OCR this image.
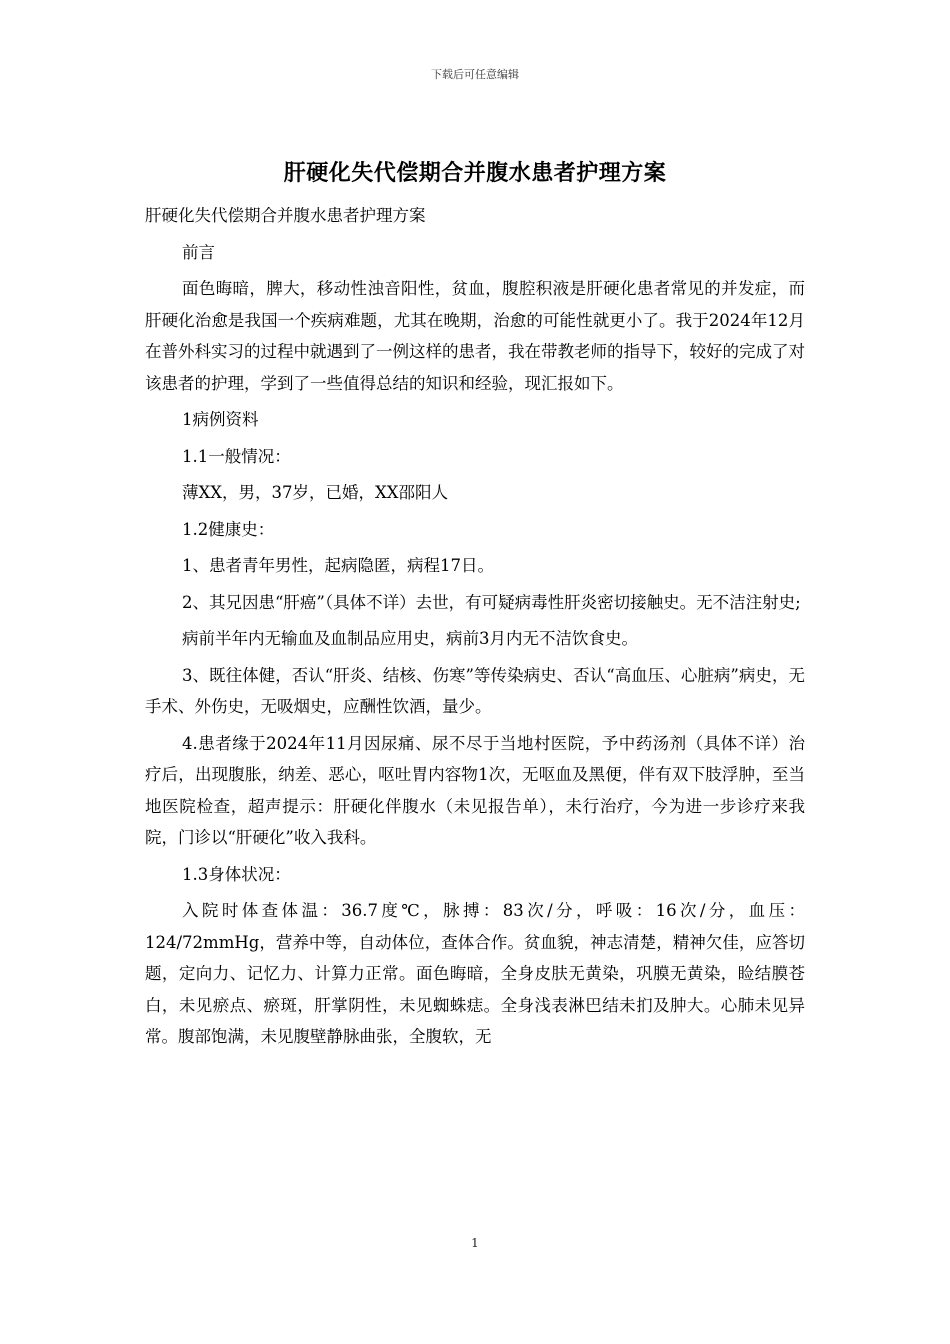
下载后可任意编辑
肝硬化失代偿期合并腹水患者护理方案

肝硬化失代偿期合并腹水患者护理方案

前言

面色晦暗，脾大，移动性浊音阳性，贫血，腹腔积液是肝硬化患者常见的并发症，而肝硬化治愈是我国一个疾病难题，尤其在晚期，治愈的可能性就更小了。我于2024年12月在普外科实习的过程中就遇到了一例这样的患者，我在带教老师的指导下，较好的完成了对该患者的护理，学到了一些值得总结的知识和经验，现汇报如下。

1病例资料

1.1一般情况：

薄XX，男，37岁，已婚，XX邵阳人

1.2健康史：

1、患者青年男性，起病隐匿，病程17日。

2、其兄因患“肝癌”（具体不详）去世，有可疑病毒性肝炎密切接触史。无不洁注射史;

病前半年内无输血及血制品应用史，病前3月内无不洁饮食史。

3、既往体健，否认“肝炎、结核、伤寒”等传染病史、否认“高血压、心脏病”病史，无手术、外伤史，无吸烟史，应酬性饮酒，量少。

4.患者缘于2024年11月因尿痛、尿不尽于当地村医院，予中药汤剂（具体不详）治疗后，出现腹胀，纳差、恶心，呕吐胃内容物1次，无呕血及黑便，伴有双下肢浮肿，至当地医院检查，超声提示：肝硬化伴腹水（未见报告单），未行治疗，今为进一步诊疗来我院，门诊以“肝硬化”收入我科。

1.3身体状况：

入院时体查体温：36.7度℃，脉搏：83次/分，呼吸：16次/分，血压：124/72mmHg，营养中等，自动体位，查体合作。贫血貌，神志清楚，精神欠佳，应答切题，定向力、记忆力、计算力正常。面色晦暗，全身皮肤无黄染，巩膜无黄染，睑结膜苍白，未见瘀点、瘀斑，肝掌阴性，未见蜘蛛痣。全身浅表淋巴结未扪及肿大。心肺未见异常。腹部饱满，未见腹壁静脉曲张，全腹软，无

1
